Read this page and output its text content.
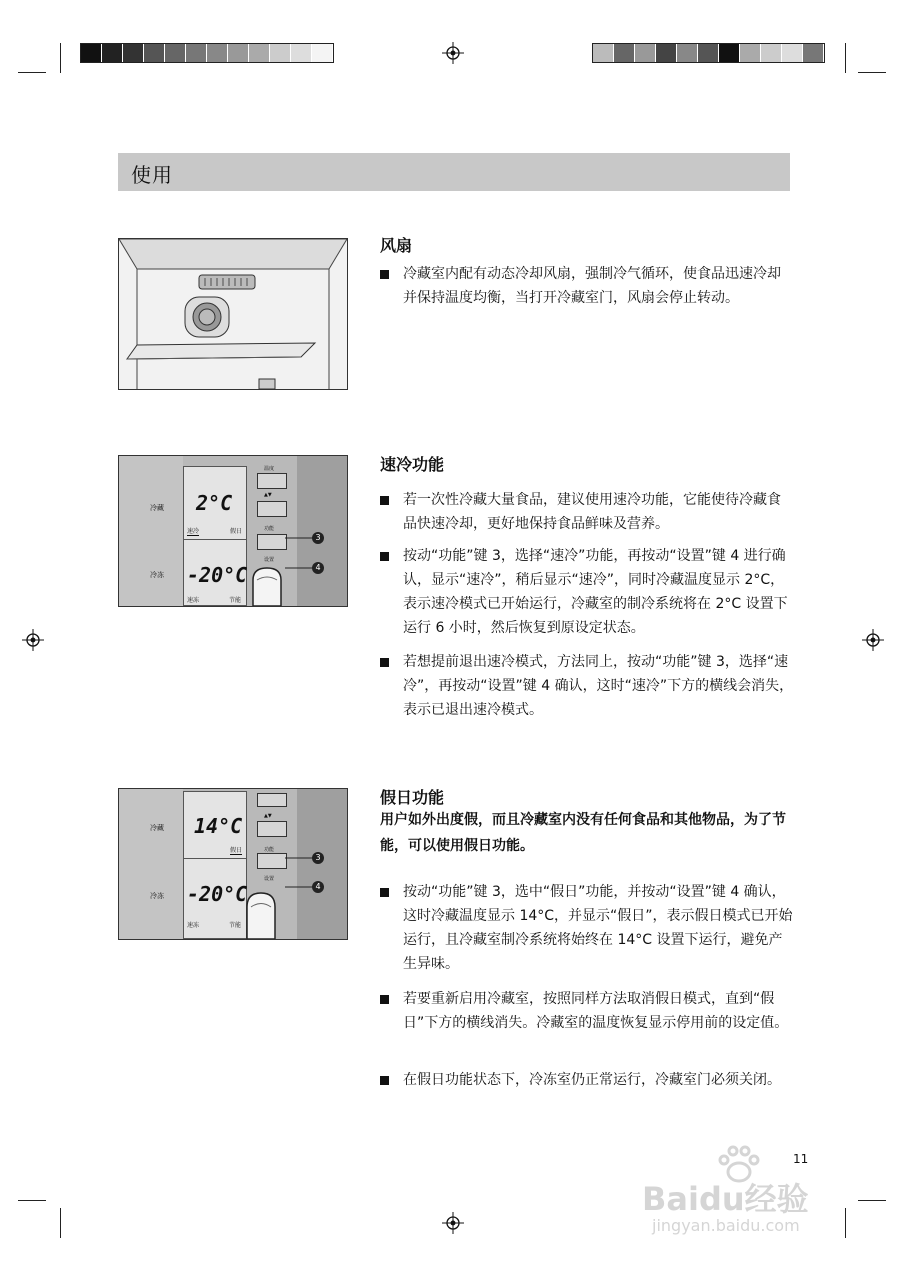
使用
风扇
冷藏室内配有动态冷却风扇，强制冷气循环，使食品迅速冷却并保持温度均衡，当打开冷藏室门，风扇会停止转动。
冷藏
冷冻
2°C
速冷	假日
-20°C
速冻	节能
温度
▲▼
功能
设置
3
4
速冷功能
若一次性冷藏大量食品，建议使用速冷功能，它能使待冷藏食品快速冷却，更好地保持食品鲜味及营养。
按动“功能”键 3，选择“速冷”功能，再按动“设置”键 4 进行确认，显示“速冷”，稍后显示“速冷”，同时冷藏温度显示 2°C，表示速冷模式已开始运行，冷藏室的制冷系统将在 2°C 设置下运行 6 小时，然后恢复到原设定状态。
若想提前退出速冷模式，方法同上，按动“功能”键 3，选择“速冷”，再按动“设置”键 4 确认，这时“速冷”下方的横线会消失，表示已退出速冷模式。
冷藏
冷冻
14°C
假日
-20°C
速冻	节能
▲▼
功能
设置
3
4
假日功能
用户如外出度假，而且冷藏室内没有任何食品和其他物品，为了节能，可以使用假日功能。
按动“功能”键 3，选中“假日”功能，并按动“设置”键 4 确认，这时冷藏温度显示 14°C，并显示“假日”，表示假日模式已开始运行，且冷藏室制冷系统将始终在 14°C 设置下运行，避免产生异味。
若要重新启用冷藏室，按照同样方法取消假日模式，直到“假日”下方的横线消失。冷藏室的温度恢复显示停用前的设定值。
在假日功能状态下，冷冻室仍正常运行，冷藏室门必须关闭。
11
Baidu经验
jingyan.baidu.com
